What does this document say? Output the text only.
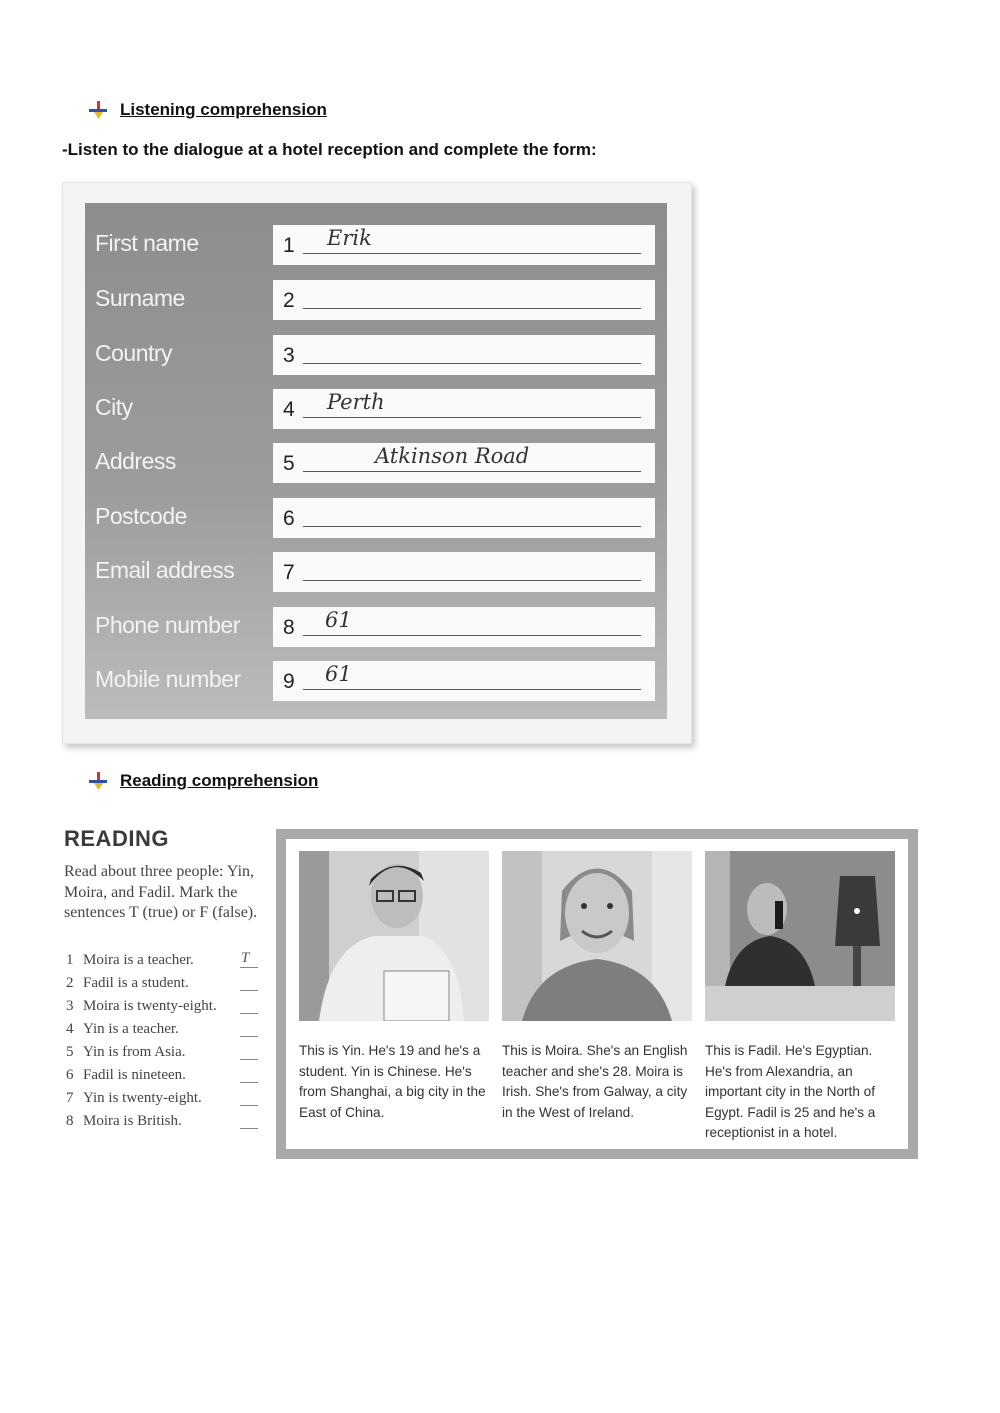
Listening comprehension
-Listen to the dialogue at a hotel reception and complete the form:
First name	1 Erik
Surname	2
Country	3
City	4 Perth
Address	5	Atkinson Road
Postcode	6
Email address 7
Phone number 8 61
Mobile number 9 61
Reading comprehension
READING
Read about three people: Yin, Moira, and Fadil. Mark the sentences T (true) or F (false).
1 Moira is a teacher.	T
2 Fadil is a student.
3 Moira is twenty-eight.
4 Yin is a teacher.
5 Yin is from Asia.
6 Fadil is nineteen.
7 Yin is twenty-eight.
8 Moira is British.
This is Yin. He's 19 and he's a student. Yin is Chinese. He's from Shanghai, a big city in the East of China.
This is Moira. She's an English teacher and she's 28. Moira is Irish. She's from Galway, a city in the West of Ireland.
This is Fadil. He's Egyptian. He's from Alexandria, an important city in the North of Egypt. Fadil is 25 and he's a receptionist in a hotel.
